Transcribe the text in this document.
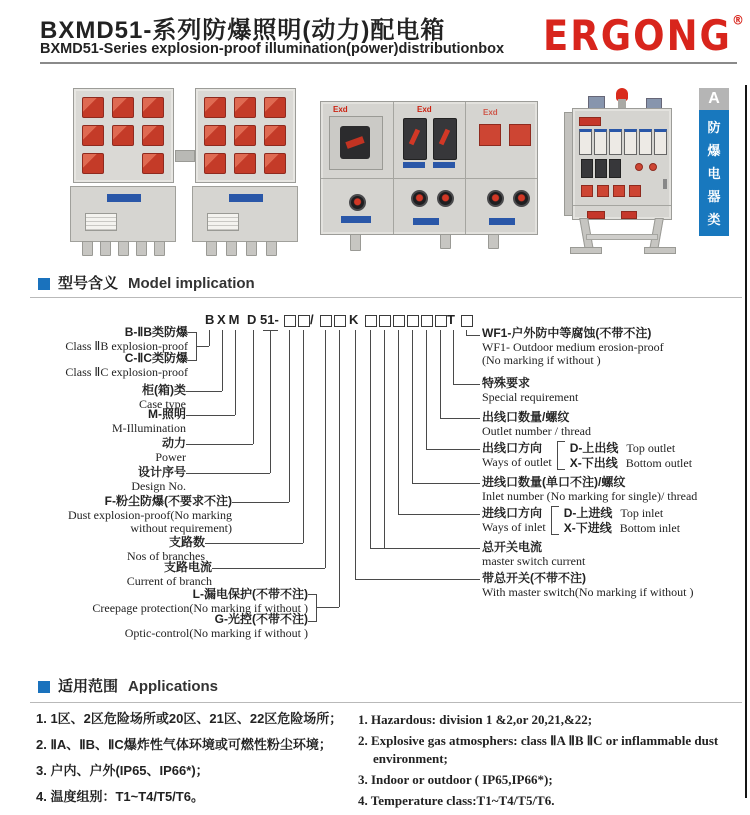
BXMD51-系列防爆照明(动力)配电箱
BXMD51-Series explosion-proof illumination(power)distributionbox ERGONG®
A
防
爆
电
器
类
Exd	Exd	Exd
型号含义 Model implication
B XM D 51- /	K	T
B-ⅡB类防爆
Class ⅡB explosion-proof
C-ⅡC类防爆
Class ⅡC explosion-proof
柜(箱)类
Case type
M-照明
M-Illumination
动力
Power
设计序号
Design No.
F-粉尘防爆(不要求不注)
Dust explosion-proof(No marking
without requirement)
支路数
Nos of branches
支路电流
Current of branch
L-漏电保护(不带不注)
Creepage protection(No marking if without )
G-光控(不带不注)
Optic-control(No marking if without )
WF1-户外防中等腐蚀(不带不注)
WF1- Outdoor medium erosion-proof
(No marking if without )
特殊要求
Special requirement
出线口数量/螺纹
Outlet number / thread
出线口方向
Ways of outlet
D-上出线 Top outlet
X-下出线 Bottom outlet
进线口数量(单口不注)/螺纹
Inlet number (No marking for single)/ thread
进线口方向
Ways of inlet
D-上进线 Top inlet
X-下进线 Bottom inlet
总开关电流
master switch current
带总开关(不带不注)
With master switch(No marking if without )
适用范围 Applications
1. 1区、2区危险场所或20区、21区、22区危险场所；
2. ⅡA、ⅡB、ⅡC爆炸性气体环境或可燃性粉尘环境；
3. 户内、户外(IP65、IP66*)；
4. 温度组别：T1~T4/T5/T6。
1. Hazardous: division 1 &2,or 20,21,&22;
2. Explosive gas atmosphers: class ⅡA ⅡB ⅡC or inflammable dust environment;
3. Indoor or outdoor ( IP65,IP66*);
4. Temperature class:T1~T4/T5/T6.
